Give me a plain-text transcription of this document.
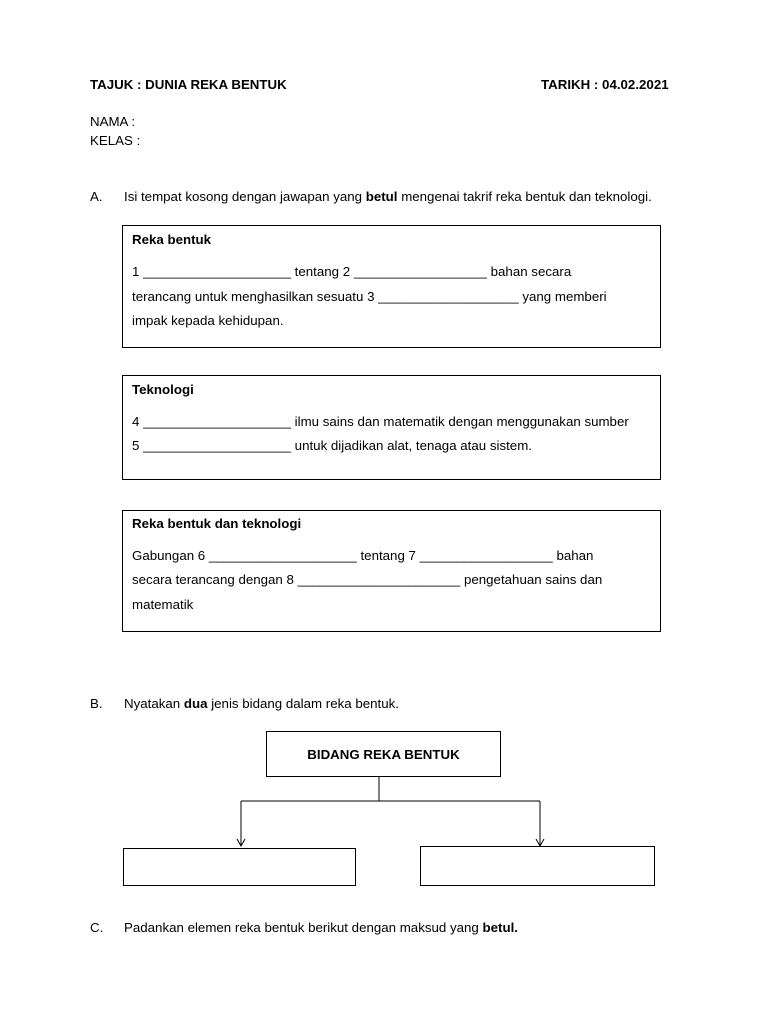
TAJUK : DUNIA REKA BENTUK	TARIKH : 04.02.2021
NAMA :
KELAS :
A. Isi tempat kosong dengan jawapan yang betul mengenai takrif reka bentuk dan teknologi.
Reka bentuk
1 ____________________ tentang 2 __________________ bahan secara
terancang untuk menghasilkan sesuatu 3 ___________________ yang memberi
impak kepada kehidupan.
Teknologi
4 ____________________ ilmu sains dan matematik dengan menggunakan sumber
5 ____________________ untuk dijadikan alat, tenaga atau sistem.
Reka bentuk dan teknologi
Gabungan 6 ____________________ tentang 7 __________________ bahan
secara terancang dengan 8 ______________________ pengetahuan sains dan
matematik
B. Nyatakan dua jenis bidang dalam reka bentuk.
BIDANG REKA BENTUK
C. Padankan elemen reka bentuk berikut dengan maksud yang betul.
